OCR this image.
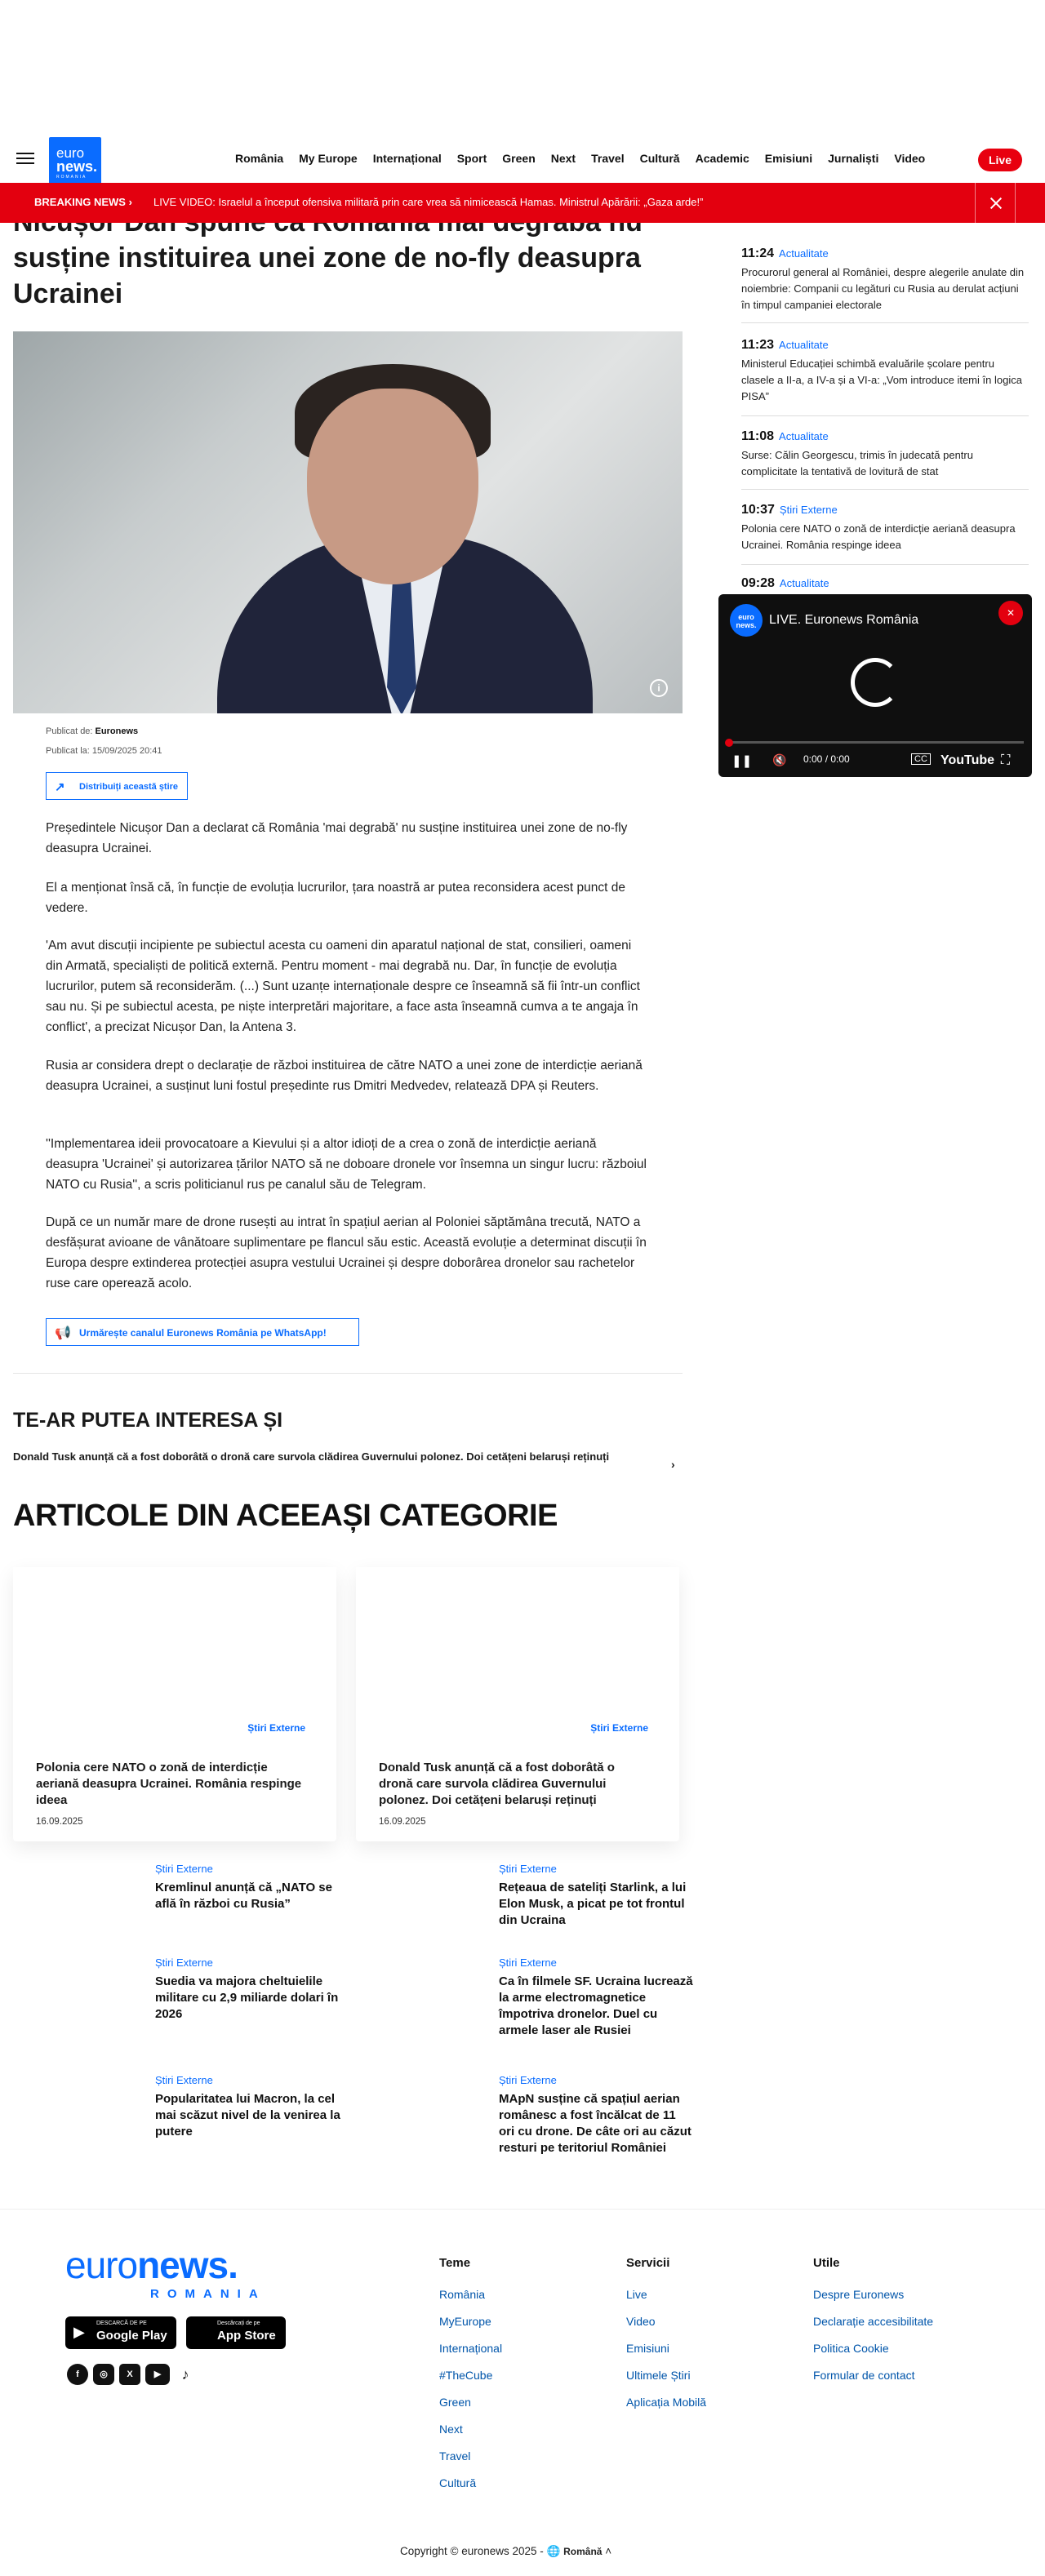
euro
news.
ROMANIA
România My Europe Internațional Sport Green Next Travel Cultură Academic Emisiuni Jurnaliști Video	Live
susține instituirea unei zone de no-fly deasupra Ucrainei
BREAKING NEWS › LIVE VIDEO: Israelul a început ofensiva militară prin care vrea să nimicească Hamas. Ministrul Apărării: „Gaza arde!”
i
Publicat de: Euronews
Publicat la: 15/09/2025 20:41
↗ Distribuiți această știre
Președintele Nicușor Dan a declarat că România 'mai degrabă' nu susține instituirea unei zone de no-fly deasupra Ucrainei.
El a menționat însă că, în funcție de evoluția lucrurilor, țara noastră ar putea reconsidera acest punct de vedere.
'Am avut discuții incipiente pe subiectul acesta cu oameni din aparatul național de stat, consilieri, oameni din Armată, specialiști de politică externă. Pentru moment - mai degrabă nu. Dar, în funcție de evoluția lucrurilor, putem să reconsiderăm. (...) Sunt uzanțe internaționale despre ce înseamnă să fii într-un conflict sau nu. Și pe subiectul acesta, pe niște interpretări majoritare, a face asta înseamnă cumva a te angaja în conflict', a precizat Nicușor Dan, la Antena 3.
Rusia ar considera drept o declarație de război instituirea de către NATO a unei zone de interdicție aeriană deasupra Ucrainei, a susținut luni fostul președinte rus Dmitri Medvedev, relatează DPA și Reuters.
''Implementarea ideii provocatoare a Kievului și a altor idioți de a crea o zonă de interdicție aeriană deasupra 'Ucrainei' și autorizarea țărilor NATO să ne doboare dronele vor însemna un singur lucru: războiul NATO cu Rusia'', a scris politicianul rus pe canalul său de Telegram.
După ce un număr mare de drone rusești au intrat în spațiul aerian al Poloniei săptămâna trecută, NATO a desfășurat avioane de vânătoare suplimentare pe flancul său estic. Această evoluție a determinat discuții în Europa despre extinderea protecției asupra vestului Ucrainei și despre doborârea dronelor sau rachetelor ruse care operează acolo.
📢 Urmărește canalul Euronews România pe WhatsApp!
TE-AR PUTEA INTERESA ȘI
Donald Tusk anunță că a fost doborâtă o dronă care survola clădirea Guvernului polonez. Doi cetățeni belaruși reținuți
›
ARTICOLE DIN ACEEAȘI CATEGORIE
Știri Externe
Polonia cere NATO o zonă de interdicție aeriană deasupra Ucrainei. România respinge ideea
16.09.2025
Știri Externe
Donald Tusk anunță că a fost doborâtă o dronă care survola clădirea Guvernului polonez. Doi cetățeni belaruși reținuți
16.09.2025
Știri Externe
Kremlinul anunță că „NATO se află în război cu Rusia”
Știri Externe
Rețeaua de sateliți Starlink, a lui Elon Musk, a picat pe tot frontul din Ucraina
Știri Externe
Suedia va majora cheltuielile militare cu 2,9 miliarde dolari în 2026
Știri Externe
Ca în filmele SF. Ucraina lucrează la arme electromagnetice împotriva dronelor. Duel cu armele laser ale Rusiei
Știri Externe
Popularitatea lui Macron, la cel mai scăzut nivel de la venirea la putere
Știri Externe
MApN susține că spațiul aerian românesc a fost încălcat de 11 ori cu drone. De câte ori au căzut resturi pe teritoriul României
11:24 Actualitate
Procurorul general al României, despre alegerile anulate din noiembrie: Companii cu legături cu Rusia au derulat acțiuni în timpul campaniei electorale
11:23 Actualitate
Ministerul Educației schimbă evaluările școlare pentru clasele a II-a, a IV-a și a VI-a: „Vom introduce itemi în logica PISA”
11:08 Actualitate
Surse: Călin Georgescu, trimis în judecată pentru complicitate la tentativă de lovitură de stat
10:37 Știri Externe
Polonia cere NATO o zonă de interdicție aeriană deasupra Ucrainei. România respinge ideea
09:28 Actualitate
euro news. LIVE. Euronews România	✕
❚❚ 🔇 0:00 / 0:00	CC YouTube ⛶
euronews.
ROMANIA
▶
DESCARCĂ DE PE
Google Play
Descărcați de pe
App Store
f	◎	X	▶	♪
Teme
România
MyEurope
Internațional
#TheCube
Green
Next
Travel
Cultură
Servicii
Live
Video
Emisiuni
Ultimele Știri
Aplicația Mobilă
Utile
Despre Euronews
Declarație accesibilitate
Politica Cookie
Formular de contact
Copyright © euronews 2025 - 🌐 Română ˄
